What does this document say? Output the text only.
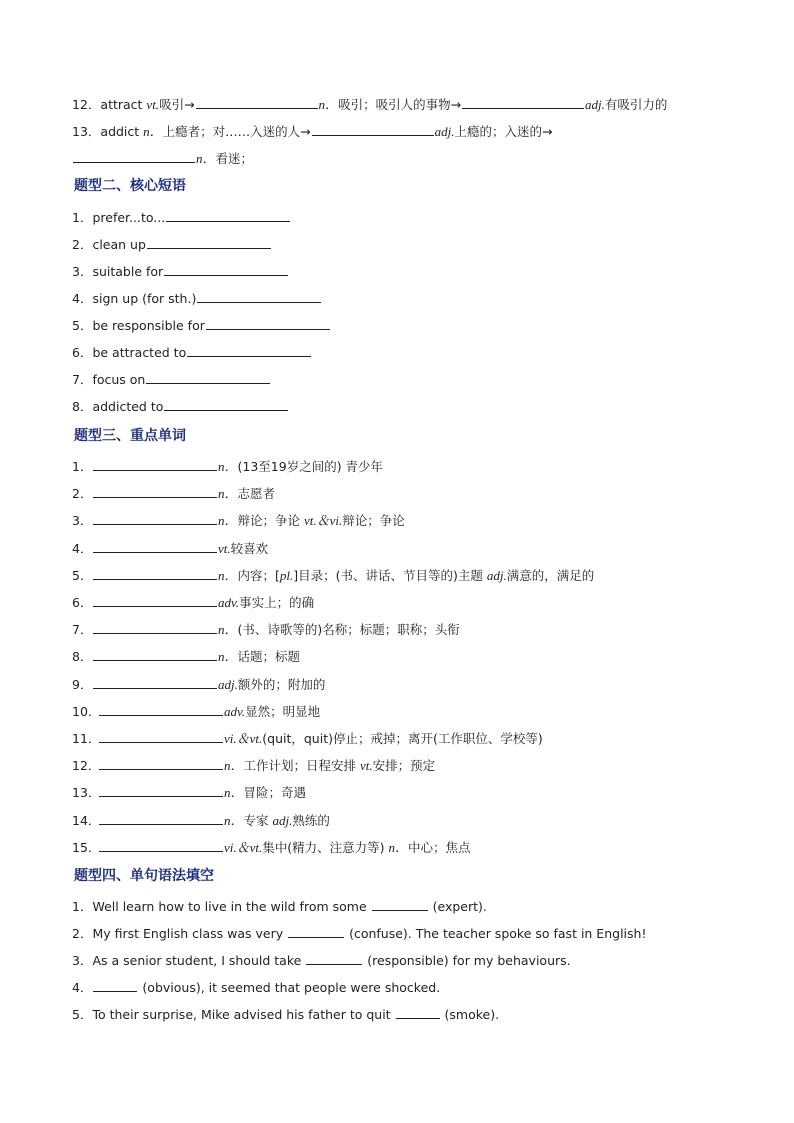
12．attract vt.吸引→	n．吸引；吸引人的事物→	adj.有吸引力的
13．addict n．上瘾者；对……入迷的人→	adj.上瘾的；入迷的→
n．看迷；
题型二、核心短语
1．prefer...to...
2．clean up
3．suitable for
4．sign up (for sth.)
5．be responsible for
6．be attracted to
7．focus on
8．addicted to
题型三、重点单词
1．	n．(13至19岁之间的) 青少年
2．	n．志愿者
3．	n．辩论；争论 vt.＆vi.辩论；争论
4．	vt.较喜欢
5．	n．内容；[pl.]目录；(书、讲话、节目等的)主题 adj.满意的，满足的
6．	adv.事实上；的确
7．	n．(书、诗歌等的)名称；标题；职称；头衔
8．	n．话题；标题
9．	adj.额外的；附加的
10．	adv.显然；明显地
11．	vi.＆vt.(quit，quit)停止；戒掉；离开(工作职位、学校等)
12．	n．工作计划；日程安排 vt.安排；预定
13．	n．冒险；奇遇
14．	n．专家 adj.熟练的
15．	vi.＆vt.集中(精力、注意力等) n．中心；焦点
题型四、单句语法填空
1．Well learn how to live in the wild from some	(expert).
2．My first English class was very	(confuse). The teacher spoke so fast in English!
3．As a senior student, I should take	(responsible) for my behaviours.
4．	(obvious), it seemed that people were shocked.
5．To their surprise, Mike advised his father to quit	(smoke).
